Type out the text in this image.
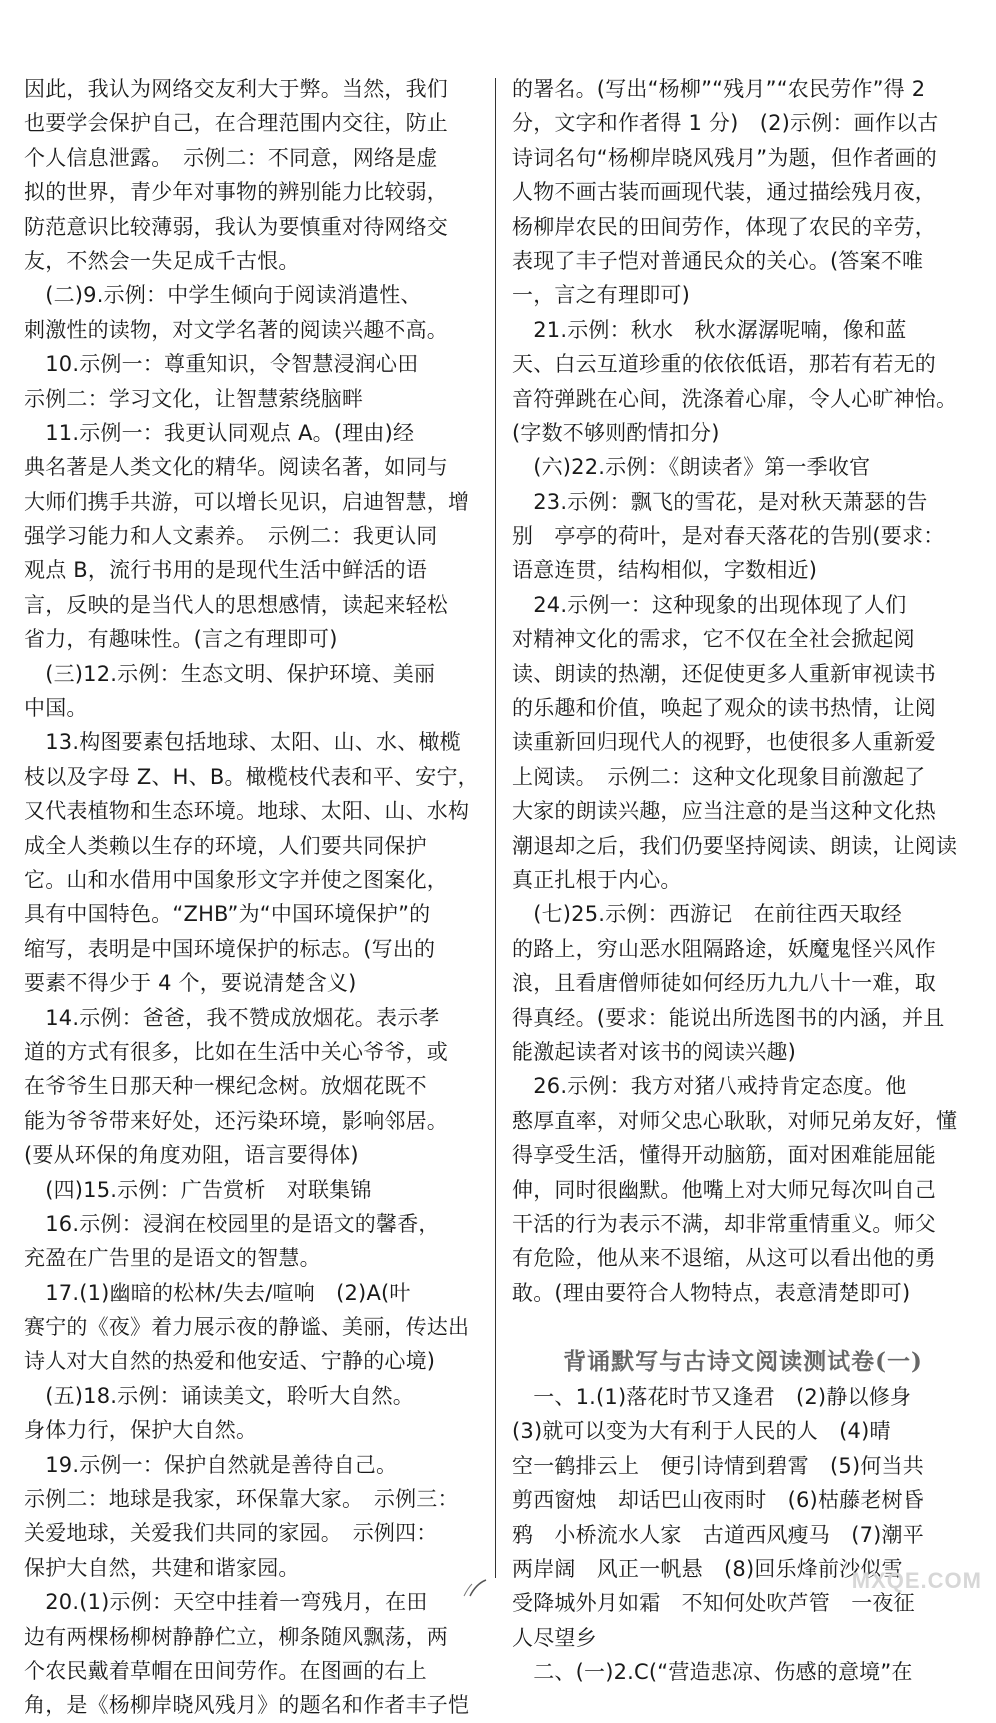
因此，我认为网络交友利大于弊。当然，我们
也要学会保护自己，在合理范围内交往，防止
个人信息泄露。　示例二：不同意，网络是虚
拟的世界，青少年对事物的辨别能力比较弱，
防范意识比较薄弱，我认为要慎重对待网络交
友，不然会一失足成千古恨。
　(二)9.示例：中学生倾向于阅读消遣性、
刺激性的读物，对文学名著的阅读兴趣不高。
　10.示例一：尊重知识，令智慧浸润心田
示例二：学习文化，让智慧萦绕脑畔
　11.示例一：我更认同观点 A。(理由)经
典名著是人类文化的精华。阅读名著，如同与
大师们携手共游，可以增长见识，启迪智慧，增
强学习能力和人文素养。　示例二：我更认同
观点 B，流行书用的是现代生活中鲜活的语
言，反映的是当代人的思想感情，读起来轻松
省力，有趣味性。(言之有理即可)
　(三)12.示例：生态文明、保护环境、美丽
中国。
　13.构图要素包括地球、太阳、山、水、橄榄
枝以及字母 Z、H、B。橄榄枝代表和平、安宁，
又代表植物和生态环境。地球、太阳、山、水构
成全人类赖以生存的环境，人们要共同保护
它。山和水借用中国象形文字并使之图案化，
具有中国特色。“ZHB”为“中国环境保护”的
缩写，表明是中国环境保护的标志。(写出的
要素不得少于 4 个，要说清楚含义)
　14.示例：爸爸，我不赞成放烟花。表示孝
道的方式有很多，比如在生活中关心爷爷，或
在爷爷生日那天种一棵纪念树。放烟花既不
能为爷爷带来好处，还污染环境，影响邻居。
(要从环保的角度劝阻，语言要得体)
　(四)15.示例：广告赏析　对联集锦
　16.示例：浸润在校园里的是语文的馨香，
充盈在广告里的是语文的智慧。
　17.(1)幽暗的松林/失去/喧响　(2)A(叶
赛宁的《夜》着力展示夜的静谧、美丽，传达出
诗人对大自然的热爱和他安适、宁静的心境)
　(五)18.示例：诵读美文，聆听大自然。
身体力行，保护大自然。
　19.示例一：保护自然就是善待自己。
示例二：地球是我家，环保靠大家。　示例三：
关爱地球，关爱我们共同的家园。　示例四：
保护大自然，共建和谐家园。
　20.(1)示例：天空中挂着一弯残月，在田
边有两棵杨柳树静静伫立，柳条随风飘荡，两
个农民戴着草帽在田间劳作。在图画的右上
角，是《杨柳岸晓风残月》的题名和作者丰子恺
的署名。(写出“杨柳”“残月”“农民劳作”得 2
分，文字和作者得 1 分)　(2)示例：画作以古
诗词名句“杨柳岸晓风残月”为题，但作者画的
人物不画古装而画现代装，通过描绘残月夜，
杨柳岸农民的田间劳作，体现了农民的辛劳，
表现了丰子恺对普通民众的关心。(答案不唯
一，言之有理即可)
　21.示例：秋水　秋水潺潺呢喃，像和蓝
天、白云互道珍重的依依低语，那若有若无的
音符弹跳在心间，洗涤着心扉，令人心旷神怡。
(字数不够则酌情扣分)
　(六)22.示例：《朗读者》第一季收官
　23.示例：飘飞的雪花，是对秋天萧瑟的告
别　亭亭的荷叶，是对春天落花的告别(要求：
语意连贯，结构相似，字数相近)
　24.示例一：这种现象的出现体现了人们
对精神文化的需求，它不仅在全社会掀起阅
读、朗读的热潮，还促使更多人重新审视读书
的乐趣和价值，唤起了观众的读书热情，让阅
读重新回归现代人的视野，也使很多人重新爱
上阅读。　示例二：这种文化现象目前激起了
大家的朗读兴趣，应当注意的是当这种文化热
潮退却之后，我们仍要坚持阅读、朗读，让阅读
真正扎根于内心。
　(七)25.示例：西游记　在前往西天取经
的路上，穷山恶水阻隔路途，妖魔鬼怪兴风作
浪，且看唐僧师徒如何经历九九八十一难，取
得真经。(要求：能说出所选图书的内涵，并且
能激起读者对该书的阅读兴趣)
　26.示例：我方对猪八戒持肯定态度。他
憨厚直率，对师父忠心耿耿，对师兄弟友好，懂
得享受生活，懂得开动脑筋，面对困难能屈能
伸，同时很幽默。他嘴上对大师兄每次叫自己
干活的行为表示不满，却非常重情重义。师父
有危险，他从来不退缩，从这可以看出他的勇
敢。(理由要符合人物特点，表意清楚即可)
背诵默写与古诗文阅读测试卷(一)
　一、1.(1)落花时节又逢君　(2)静以修身
(3)就可以变为大有利于人民的人　(4)晴
空一鹤排云上　便引诗情到碧霄　(5)何当共
剪西窗烛　却话巴山夜雨时　(6)枯藤老树昏
鸦　小桥流水人家　古道西风瘦马　(7)潮平
两岸阔　风正一帆悬　(8)回乐烽前沙似雪
受降城外月如霜　不知何处吹芦管　一夜征
人尽望乡
　二、(一)2.C(“营造悲凉、伤感的意境”在
MXQE.COM
